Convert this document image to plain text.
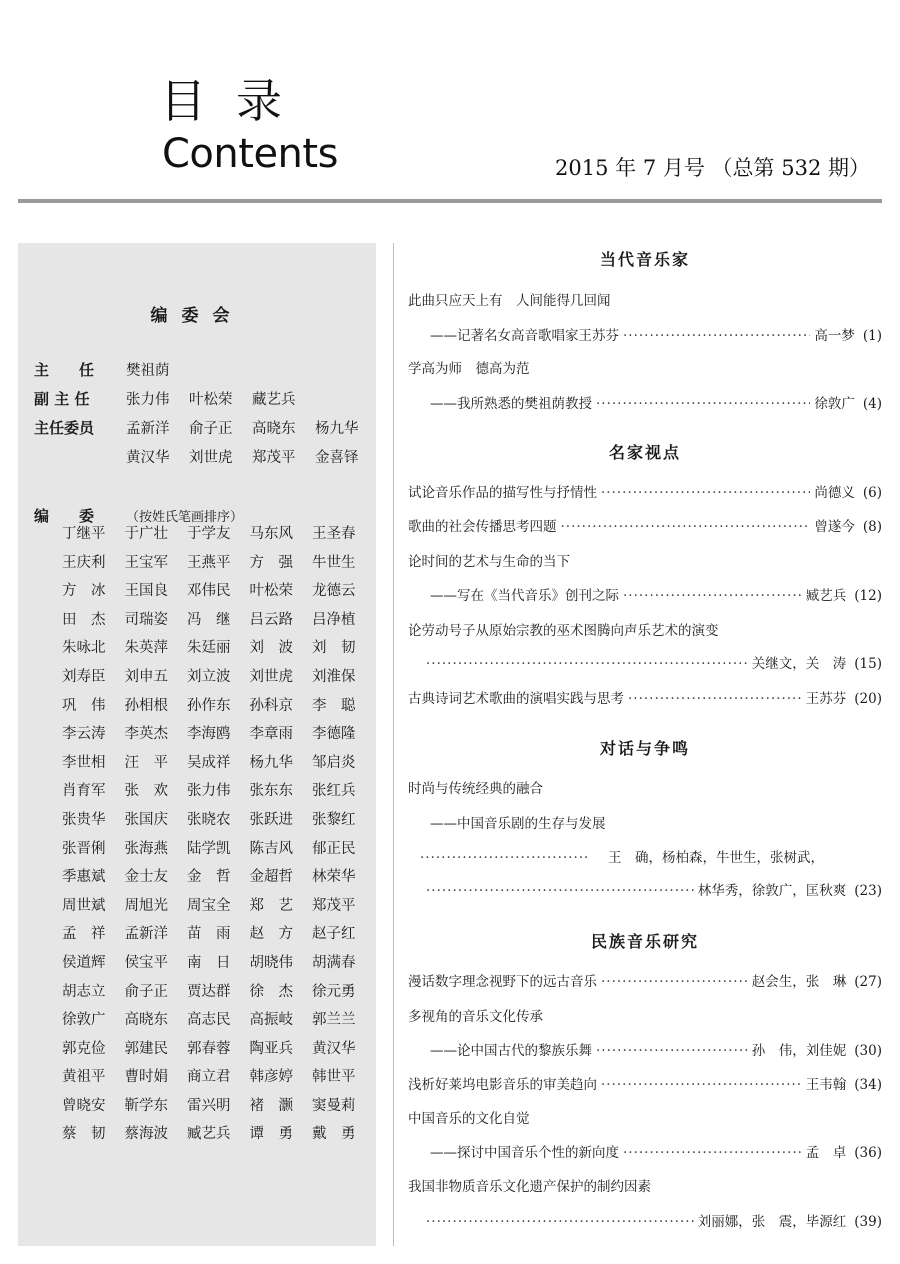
目录
Contents	2015 年 7 月号 （总第 532 期）
编委会
主　　任 樊祖荫
副 主 任	张力伟 叶松荣 藏艺兵
主任委员 孟新洋 俞子正 高晓东 杨九华
黄汉华 刘世虎 郑茂平 金喜铎
编　　委 （按姓氏笔画排序）
丁继平 于广壮 于学友 马东风 王圣春
王庆利 王宝军 王燕平 方　强 牛世生
方　冰 王国良 邓伟民 叶松荣 龙德云
田　杰 司瑞姿 冯　继 吕云路 吕净植
朱咏北 朱英萍 朱廷丽 刘　波 刘　韧
刘寿臣 刘申五 刘立波 刘世虎 刘淮保
巩　伟 孙相根 孙作东 孙科京 李　聪
李云涛 李英杰 李海鸥 李章雨 李德隆
李世相 汪　平 吴成祥 杨九华 邹启炎
肖育军 张　欢 张力伟 张东东 张红兵
张贵华 张国庆 张晓农 张跃进 张黎红
张晋俐 张海燕 陆学凯 陈吉风 郁正民
季惠斌 金士友 金　哲 金超哲 林荣华
周世斌 周旭光 周宝全 郑　艺 郑茂平
孟　祥 孟新洋 苗　雨 赵　方 赵子红
侯道辉 侯宝平 南　日 胡晓伟 胡满春
胡志立 俞子正 贾达群 徐　杰 徐元勇
徐敦广 高晓东 高志民 高振岐 郭兰兰
郭克俭 郭建民 郭春蓉 陶亚兵 黄汉华
黄祖平 曹时娟 商立君 韩彦婷 韩世平
曾晓安 靳学东 雷兴明 褚　灏 窦曼莉
蔡　韧 蔡海波 臧艺兵 谭　勇 戴　勇
当代音乐家
名家视点
对话与争鸣
民族音乐研究
此曲只应天上有　人间能得几回闻
——记著名女高音歌唱家王苏芬 ·····	高一梦 (1)
学高为师　德高为范
——我所熟悉的樊祖荫教授 ·····	徐敦广 (4)
试论音乐作品的描写性与抒情性 ·····	尚德义 (6)
歌曲的社会传播思考四题 ·····	曾遂今 (8)
论时间的艺术与生命的当下
——写在《当代音乐》创刊之际 ·····	臧艺兵 (12)
论劳动号子从原始宗教的巫术图腾向声乐艺术的演变
·····
关继文，关　涛 (15)
古典诗词艺术歌曲的演唱实践与思考 ·····	王苏芬 (20)
时尚与传统经典的融合
——中国音乐剧的生存与发展
·····
王　确，杨柏森，牛世生，张树武，
·····
林华秀，徐敦广，匡秋爽 (23)
漫话数字理念视野下的远古音乐 ·····	赵会生，张　琳 (27)
多视角的音乐文化传承
——论中国古代的黎族乐舞 ·····	孙　伟，刘佳妮 (30)
浅析好莱坞电影音乐的审美趋向 ·····	王韦翰 (34)
中国音乐的文化自觉
——探讨中国音乐个性的新向度 ·····	孟　卓 (36)
我国非物质音乐文化遗产保护的制约因素
·····
刘丽娜，张　震，毕源红 (39)
